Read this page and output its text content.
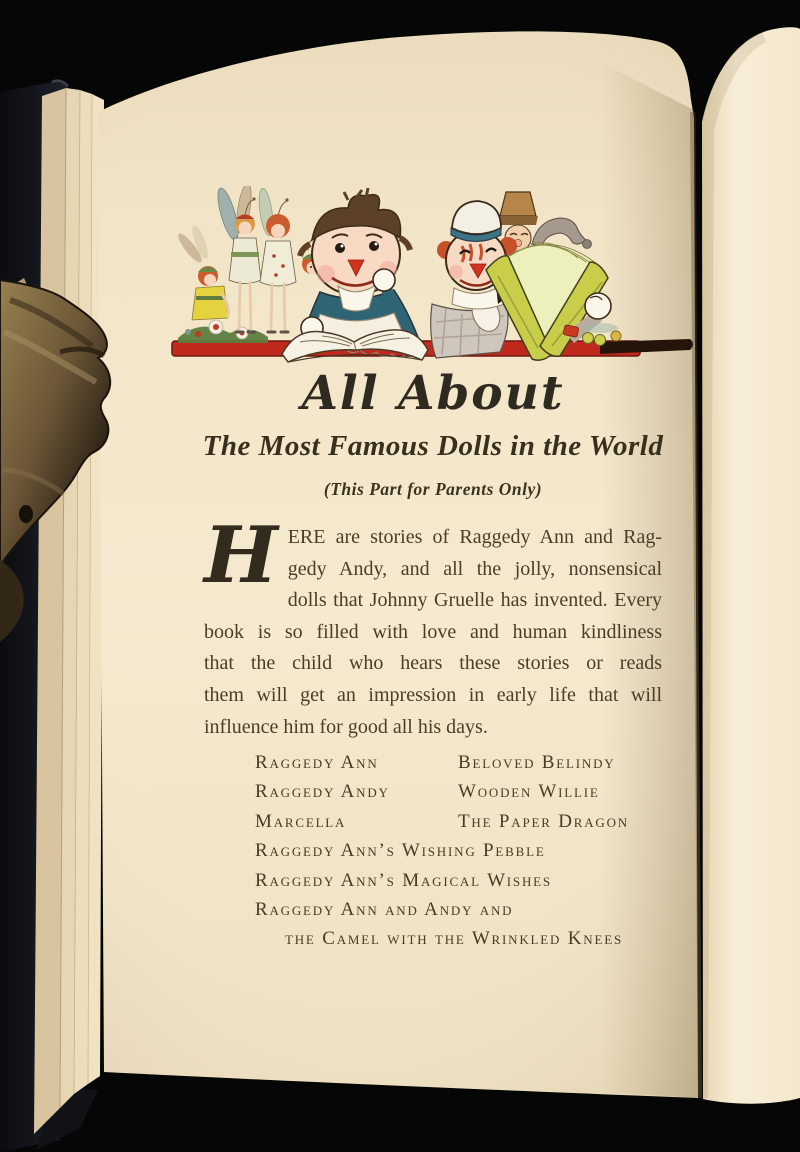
All About
The Most Famous Dolls in the World
(This Part for Parents Only)
H ERE are stories of Raggedy Ann and Rag-
gedy Andy, and all the jolly, nonsensical
dolls that Johnny Gruelle has invented. Every
book is so filled with love and human kindliness
that the child who hears these stories or reads
them will get an impression in early life that will
influence him for good all his days.
Raggedy Ann	Beloved Belindy
Raggedy Andy	Wooden Willie
Marcella	The Paper Dragon
Raggedy Ann’s Wishing Pebble
Raggedy Ann’s Magical Wishes
Raggedy Ann and Andy and
the Camel with the Wrinkled Knees
